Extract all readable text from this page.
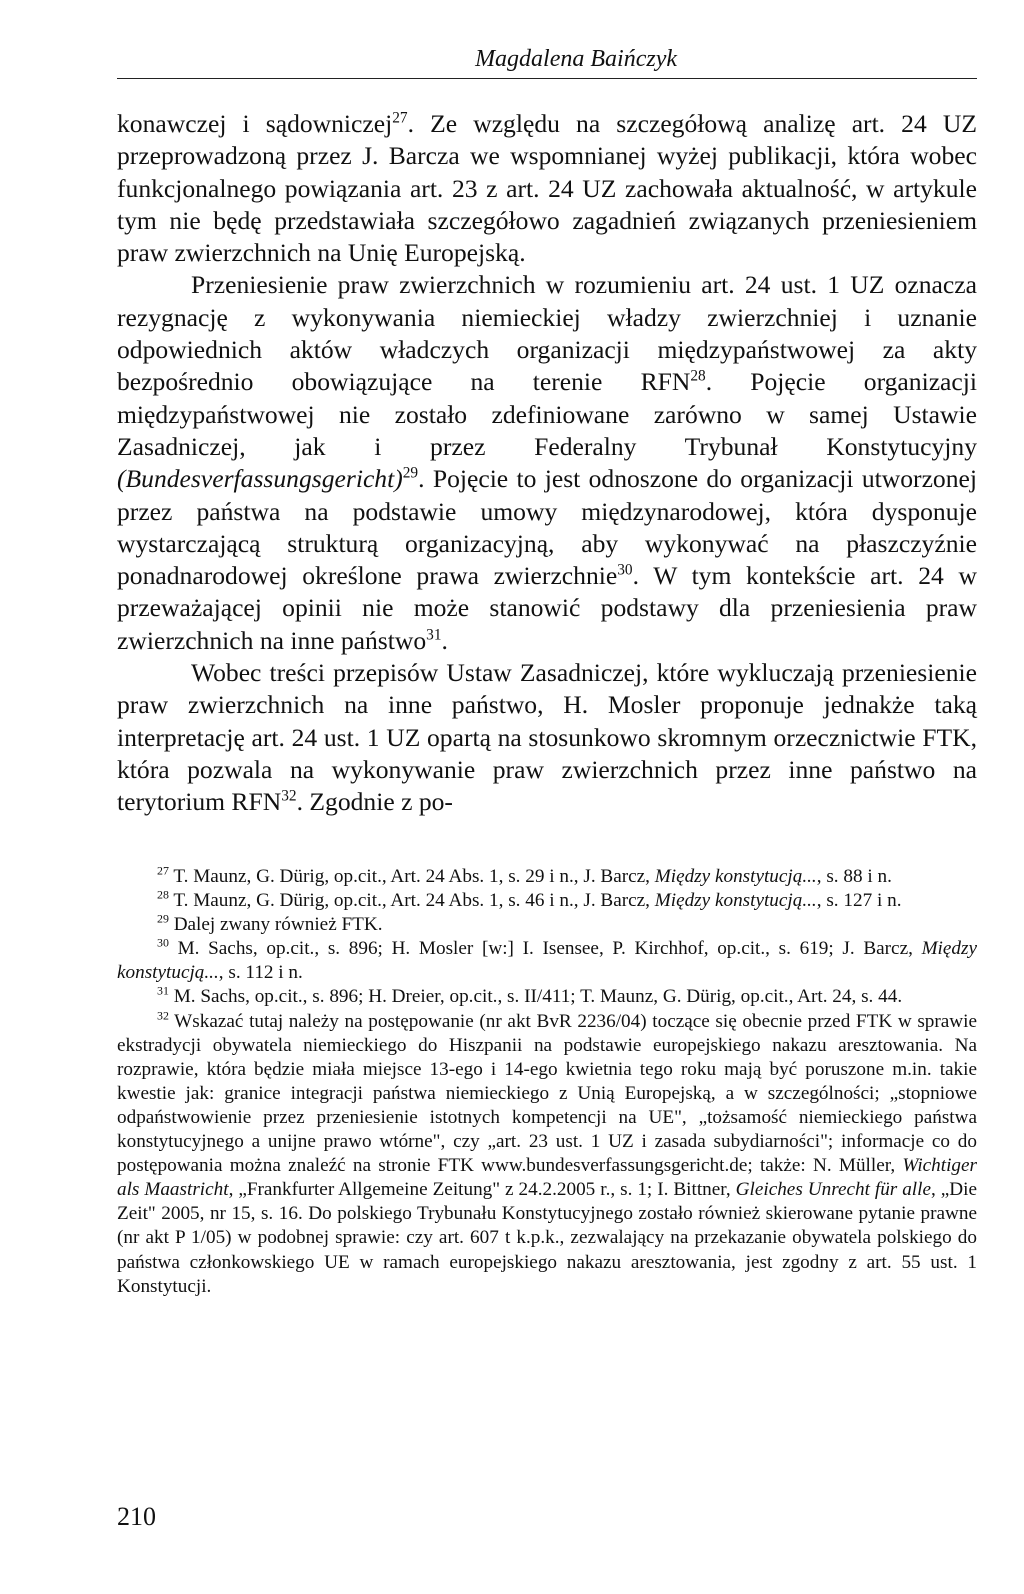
Magdalena Baińczyk

konawczej i sądowniczej$^{27}$. Ze względu na szczegółową analizę art. 24 UZ przeprowadzoną przez J. Barcza we wspomnianej wyżej publikacji, która wobec funkcjonalnego powiązania art. 23 z art. 24 UZ zachowała aktualność, w artykule tym nie będę przedstawiała szczegółowo zagadnień związanych przeniesieniem praw zwierzchnich na Unię Europejską.

Przeniesienie praw zwierzchnich w rozumieniu art. 24 ust. 1 UZ oznacza rezygnację z wykonywania niemieckiej władzy zwierzchniej i uznanie odpowiednich aktów władczych organizacji międzypaństwowej za akty bezpośrednio obowiązujące na terenie RFN$^{28}$. Pojęcie organizacji międzypaństwowej nie zostało zdefiniowane zarówno w samej Ustawie Zasadniczej, jak i przez Federalny Trybunał Konstytucyjny (Bundesverfassungsgericht)$^{29}$. Pojęcie to jest odnoszone do organizacji utworzonej przez państwa na podstawie umowy międzynarodowej, która dysponuje wystarczającą strukturą organizacyjną, aby wykonywać na płaszczyźnie ponadnarodowej określone prawa zwierzchnie$^{30}$. W tym kontekście art. 24 w przeważającej opinii nie może stanowić podstawy dla przeniesienia praw zwierzchnich na inne państwo$^{31}$.

Wobec treści przepisów Ustaw Zasadniczej, które wykluczają przeniesienie praw zwierzchnich na inne państwo, H. Mosler proponuje jednakże taką interpretację art. 24 ust. 1 UZ opartą na stosunkowo skromnym orzecznictwie FTK, która pozwala na wykonywanie praw zwierzchnich przez inne państwo na terytorium RFN$^{32}$. Zgodnie z po-

$^{27}$ T. Maunz, G. Dürig, op.cit., Art. 24 Abs. 1, s. 29 i n., J. Barcz, Między konstytucją..., s. 88 i n.

$^{28}$ T. Maunz, G. Dürig, op.cit., Art. 24 Abs. 1, s. 46 i n., J. Barcz, Między konstytucją..., s. 127 i n.

$^{29}$ Dalej zwany również FTK.

$^{30}$ M. Sachs, op.cit., s. 896; H. Mosler [w:] I. Isensee, P. Kirchhof, op.cit., s. 619; J. Barcz, Między konstytucją..., s. 112 i n.

$^{31}$ M. Sachs, op.cit., s. 896; H. Dreier, op.cit., s. II/411; T. Maunz, G. Dürig, op.cit., Art. 24, s. 44.

$^{32}$ Wskazać tutaj należy na postępowanie (nr akt BvR 2236/04) toczące się obecnie przed FTK w sprawie ekstradycji obywatela niemieckiego do Hiszpanii na podstawie europejskiego nakazu aresztowania. Na rozprawie, która będzie miała miejsce 13-ego i 14-ego kwietnia tego roku mają być poruszone m.in. takie kwestie jak: granice integracji państwa niemieckiego z Unią Europejską, a w szczególności; „stopniowe odpaństwowienie przez przeniesienie istotnych kompetencji na UE", „tożsamość niemieckiego państwa konstytucyjnego a unijne prawo wtórne", czy „art. 23 ust. 1 UZ i zasada subydiarności"; informacje co do postępowania można znaleźć na stronie FTK www.bundesverfassungsgericht.de; także: N. Müller, Wichtiger als Maastricht, „Frankfurter Allgemeine Zeitung" z 24.2.2005 r., s. 1; I. Bittner, Gleiches Unrecht für alle, „Die Zeit" 2005, nr 15, s. 16. Do polskiego Trybunału Konstytucyjnego zostało również skierowane pytanie prawne (nr akt P 1/05) w podobnej sprawie: czy art. 607 t k.p.k., zezwalający na przekazanie obywatela polskiego do państwa członkowskiego UE w ramach europejskiego nakazu aresztowania, jest zgodny z art. 55 ust. 1 Konstytucji.

210
